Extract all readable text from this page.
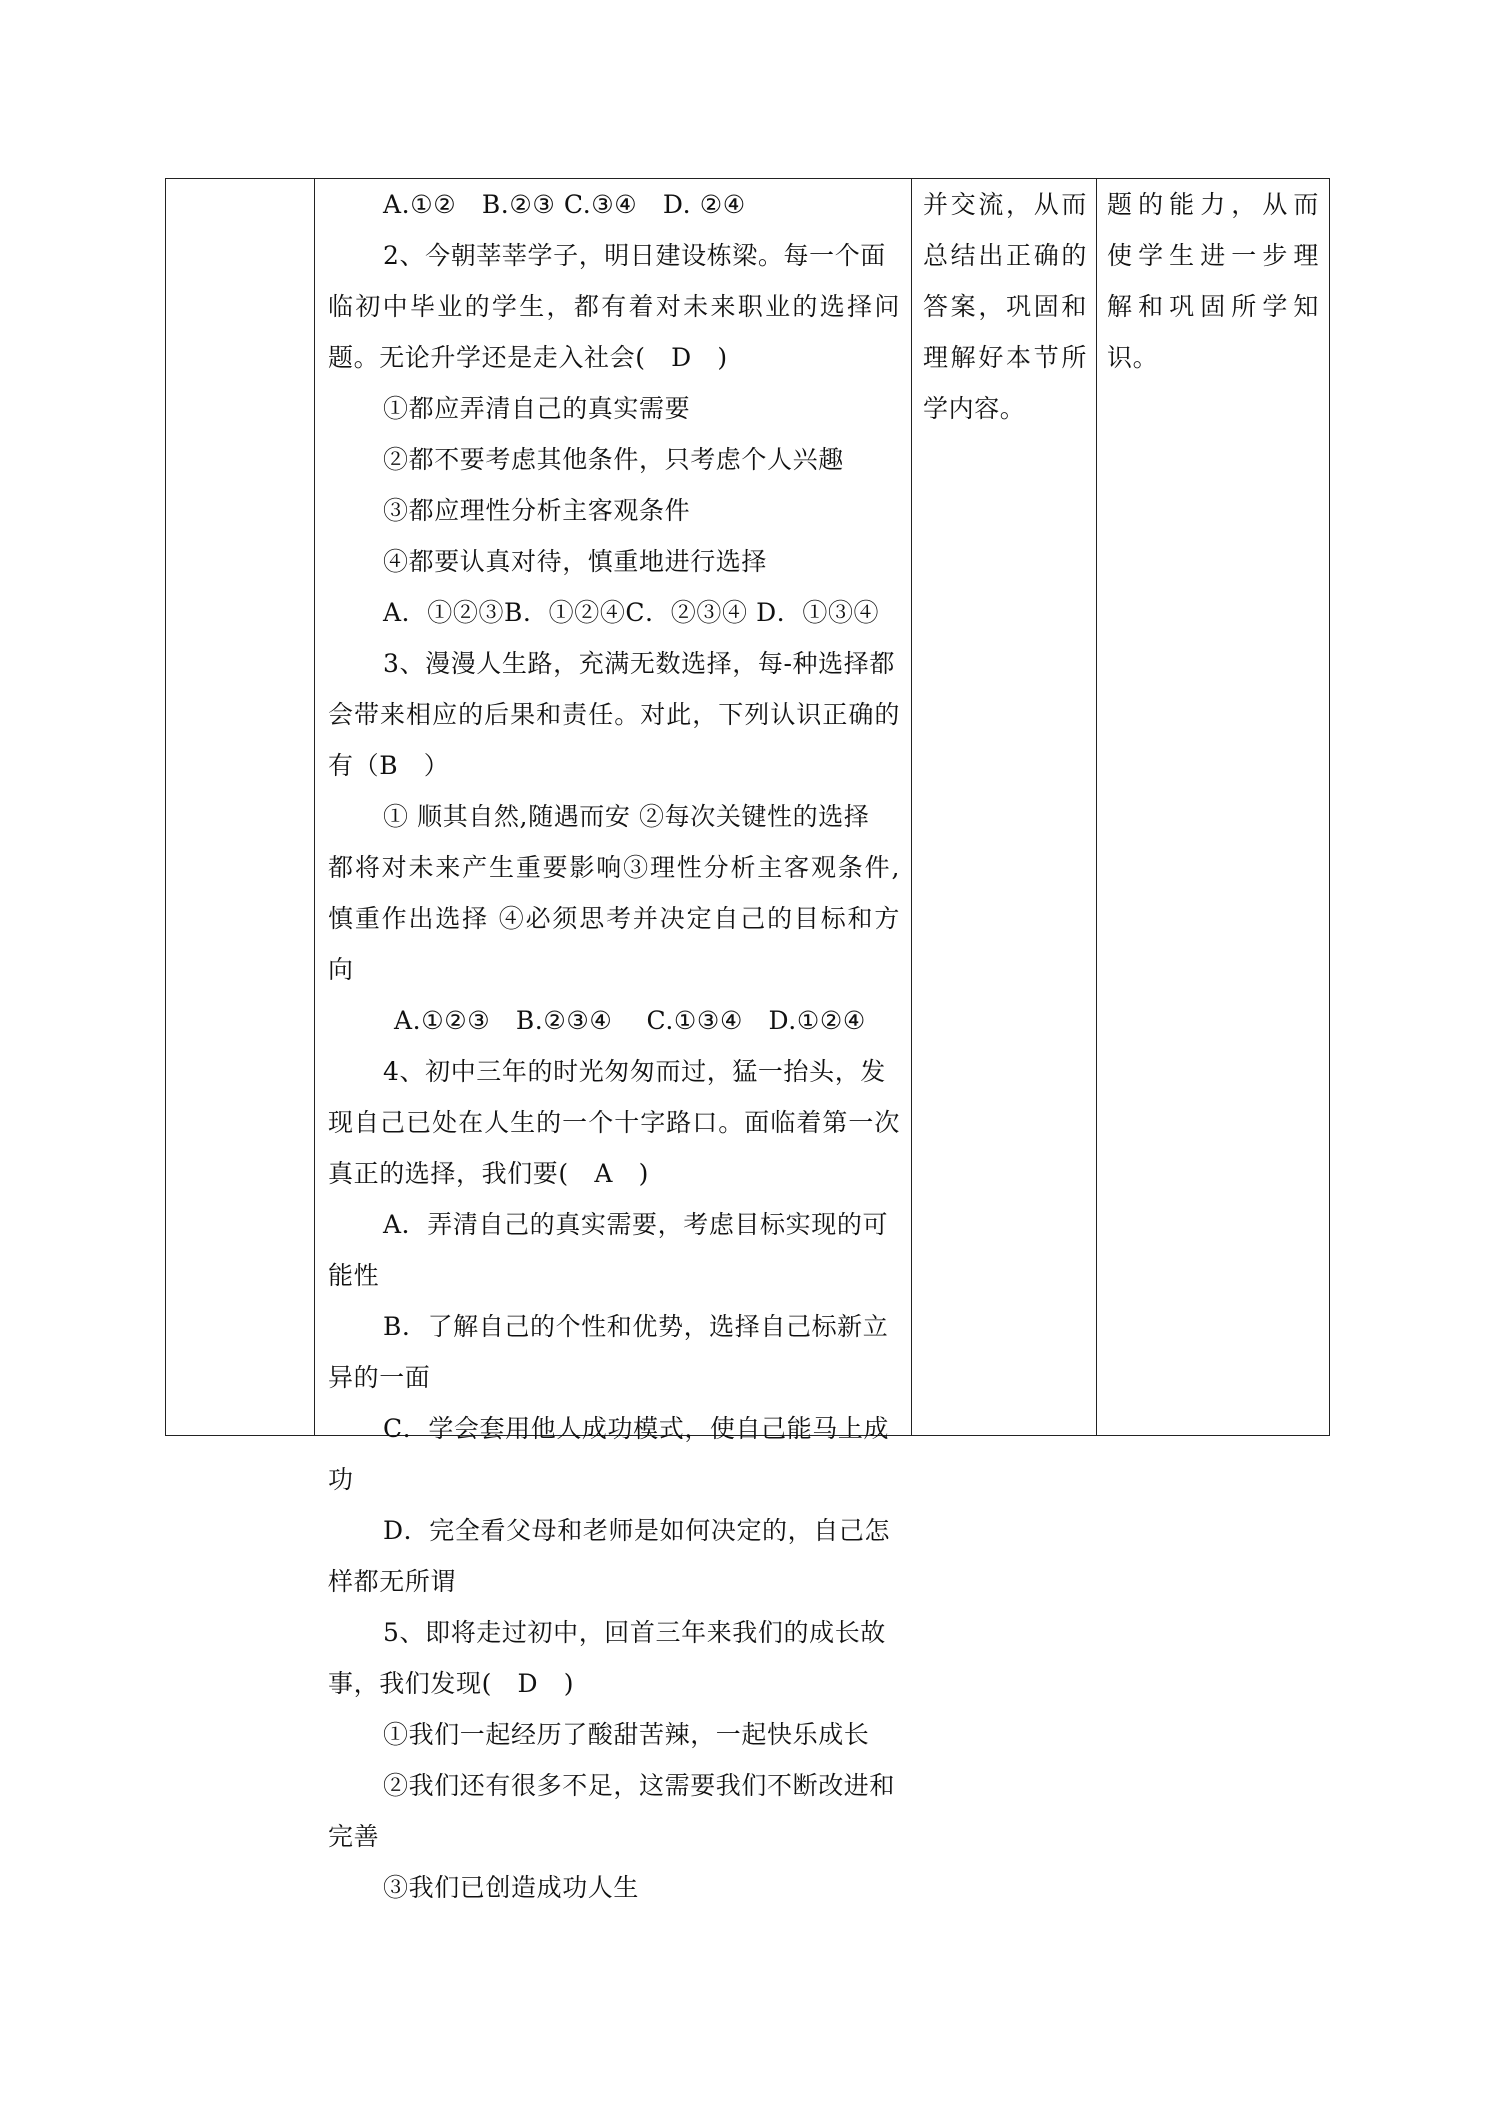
A.①②　B.②③ C.③④　D. ②④
2、今朝莘莘学子，明日建设栋梁。每一个面
临初中毕业的学生，都有着对未来职业的选择问
题。无论升学还是走入社会(　D　)
①都应弄清自己的真实需要
②都不要考虑其他条件，只考虑个人兴趣
③都应理性分析主客观条件
④都要认真对待，慎重地进行选择
A．①②③B．①②④C．②③④ D．①③④
3、漫漫人生路，充满无数选择，每-种选择都
会带来相应的后果和责任。对此，下列认识正确的
有（B　）
① 顺其自然,随遇而安 ②每次关键性的选择
都将对未来产生重要影响③理性分析主客观条件,
慎重作出选择 ④必须思考并决定自己的目标和方
向
A.①②③　B.②③④　 C.①③④　D.①②④
4、初中三年的时光匆匆而过，猛一抬头，发
现自己已处在人生的一个十字路口。面临着第一次
真正的选择，我们要(　A　)
A．弄清自己的真实需要，考虑目标实现的可
能性
B．了解自己的个性和优势，选择自己标新立
异的一面
C．学会套用他人成功模式，使自己能马上成
功
D．完全看父母和老师是如何决定的，自己怎
样都无所谓
5、即将走过初中，回首三年来我们的成长故
事，我们发现(　D　)
①我们一起经历了酸甜苦辣，一起快乐成长
②我们还有很多不足，这需要我们不断改进和
完善
③我们已创造成功人生
并交流，从而
总结出正确的
答案，巩固和
理解好本节所
学内容。
题的能力，从而
使学生进一步理
解和巩固所学知
识。
